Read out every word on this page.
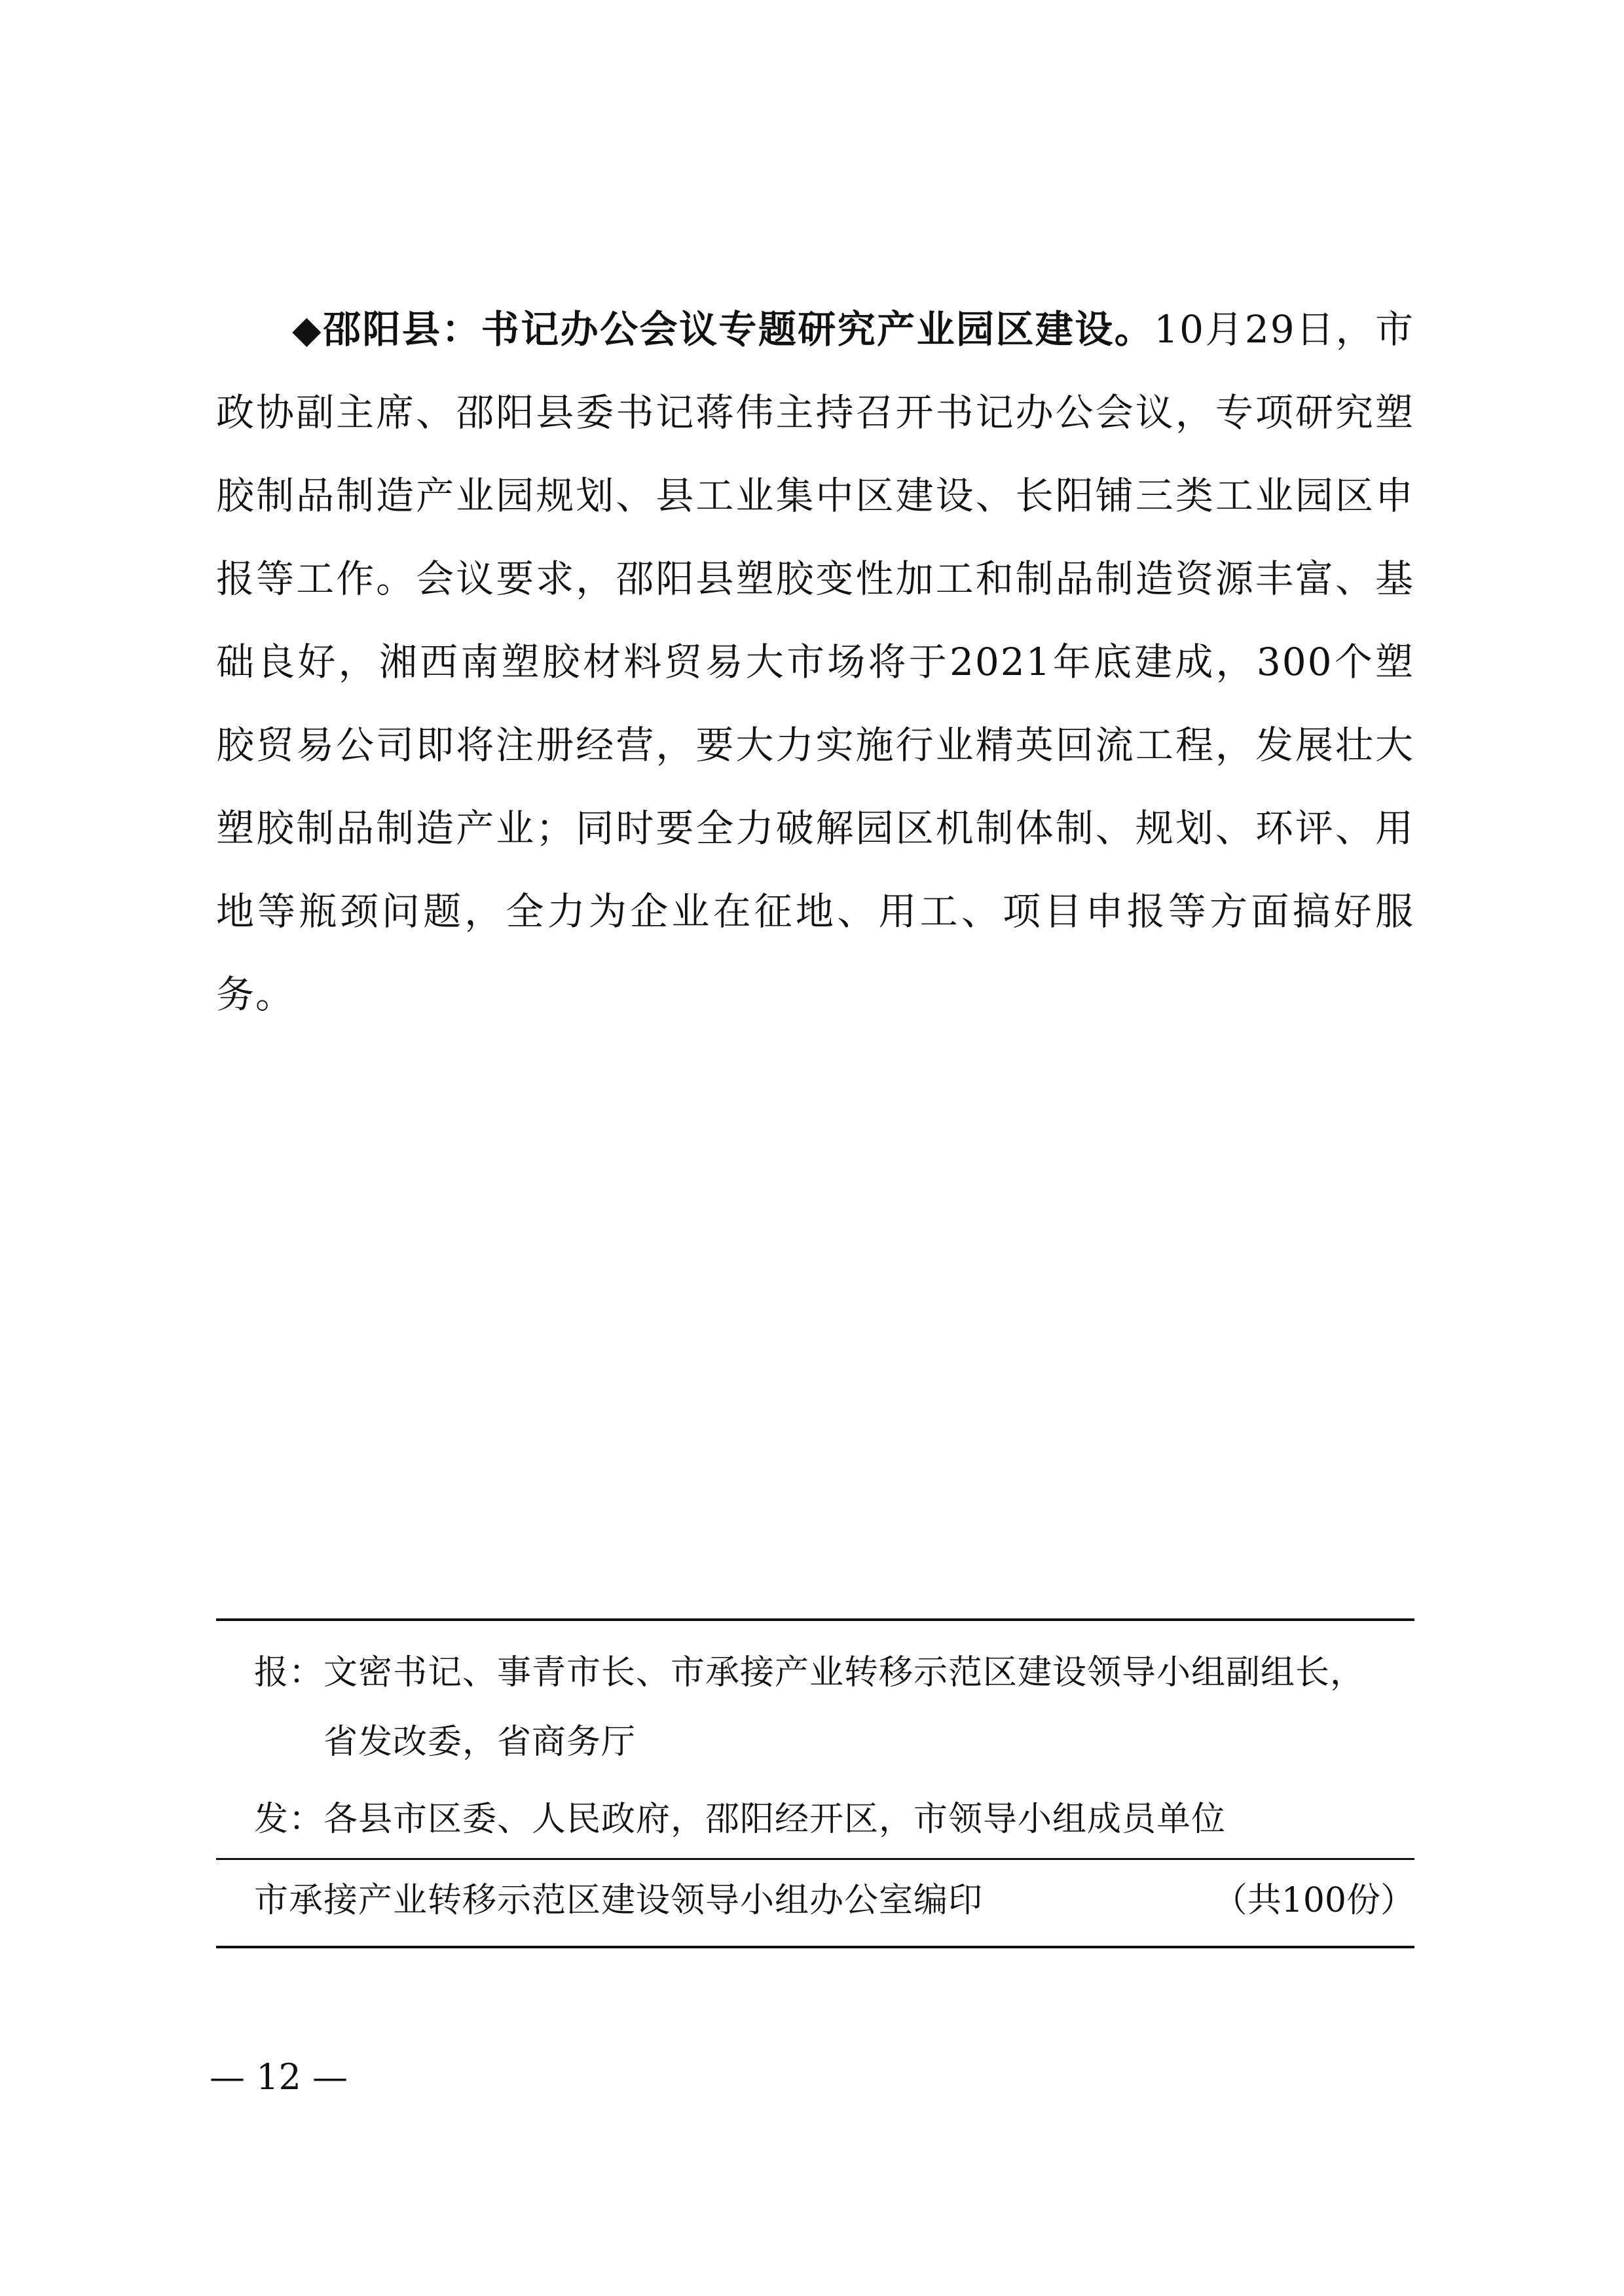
◆邵阳县：书记办公会议专题研究产业园区建设。10月29日，市政协副主席、邵阳县委书记蒋伟主持召开书记办公会议，专项研究塑胶制品制造产业园规划、县工业集中区建设、长阳铺三类工业园区申报等工作。会议要求，邵阳县塑胶变性加工和制品制造资源丰富、基础良好，湘西南塑胶材料贸易大市场将于2021年底建成，300个塑胶贸易公司即将注册经营，要大力实施行业精英回流工程，发展壮大塑胶制品制造产业；同时要全力破解园区机制体制、规划、环评、用地等瓶颈问题，全力为企业在征地、用工、项目申报等方面搞好服务。

报：文密书记、事青市长、市承接产业转移示范区建设领导小组副组长，
省发改委，省商务厅
发：各县市区委、人民政府，邵阳经开区，市领导小组成员单位
市承接产业转移示范区建设领导小组办公室编印	（共100份）
— 12 —
